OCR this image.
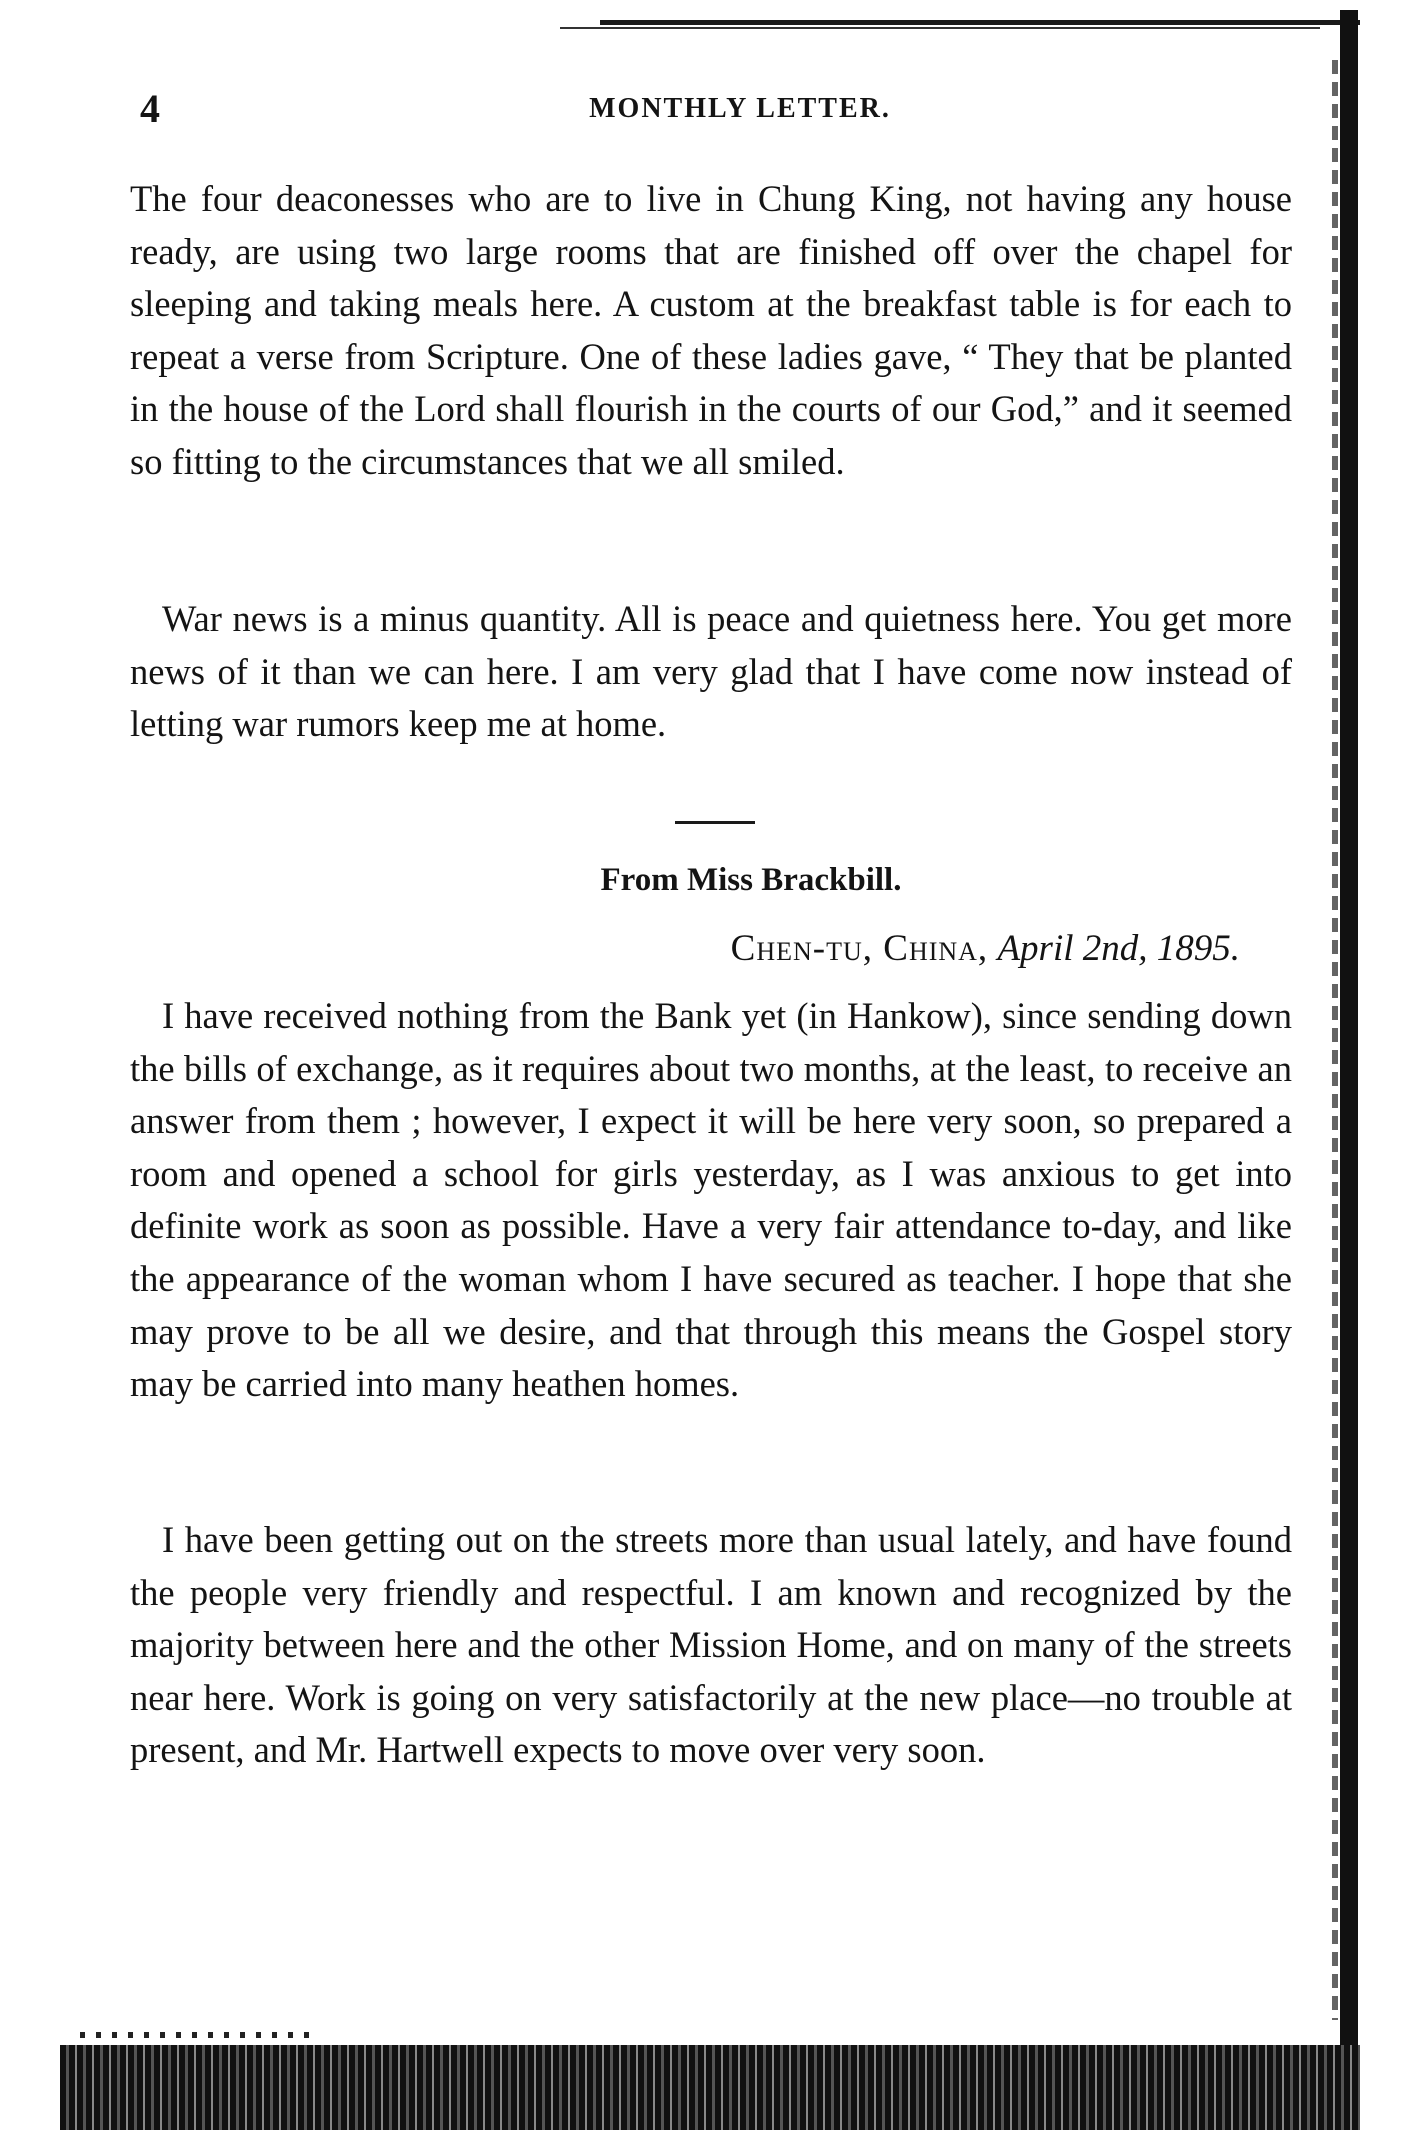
4	MONTHLY LETTER.

The four deaconesses who are to live in Chung King, not having any house ready, are using two large rooms that are finished off over the chapel for sleeping and taking meals here. A custom at the breakfast table is for each to repeat a verse from Scripture. One of these ladies gave, “ They that be planted in the house of the Lord shall flourish in the courts of our God,” and it seemed so fitting to the circumstances that we all smiled.

War news is a minus quantity. All is peace and quietness here. You get more news of it than we can here. I am very glad that I have come now instead of letting war rumors keep me at home.

From Miss Brackbill.
Chen-tu, China, April 2nd, 1895.

I have received nothing from the Bank yet (in Hankow), since sending down the bills of exchange, as it requires about two months, at the least, to receive an answer from them ; however, I expect it will be here very soon, so prepared a room and opened a school for girls yesterday, as I was anxious to get into definite work as soon as possible. Have a very fair attendance to-day, and like the appearance of the woman whom I have secured as teacher. I hope that she may prove to be all we desire, and that through this means the Gospel story may be carried into many heathen homes.

I have been getting out on the streets more than usual lately, and have found the people very friendly and respectful. I am known and recognized by the majority between here and the other Mission Home, and on many of the streets near here. Work is going on very satisfactorily at the new place—no trouble at present, and Mr. Hartwell expects to move over very soon.
